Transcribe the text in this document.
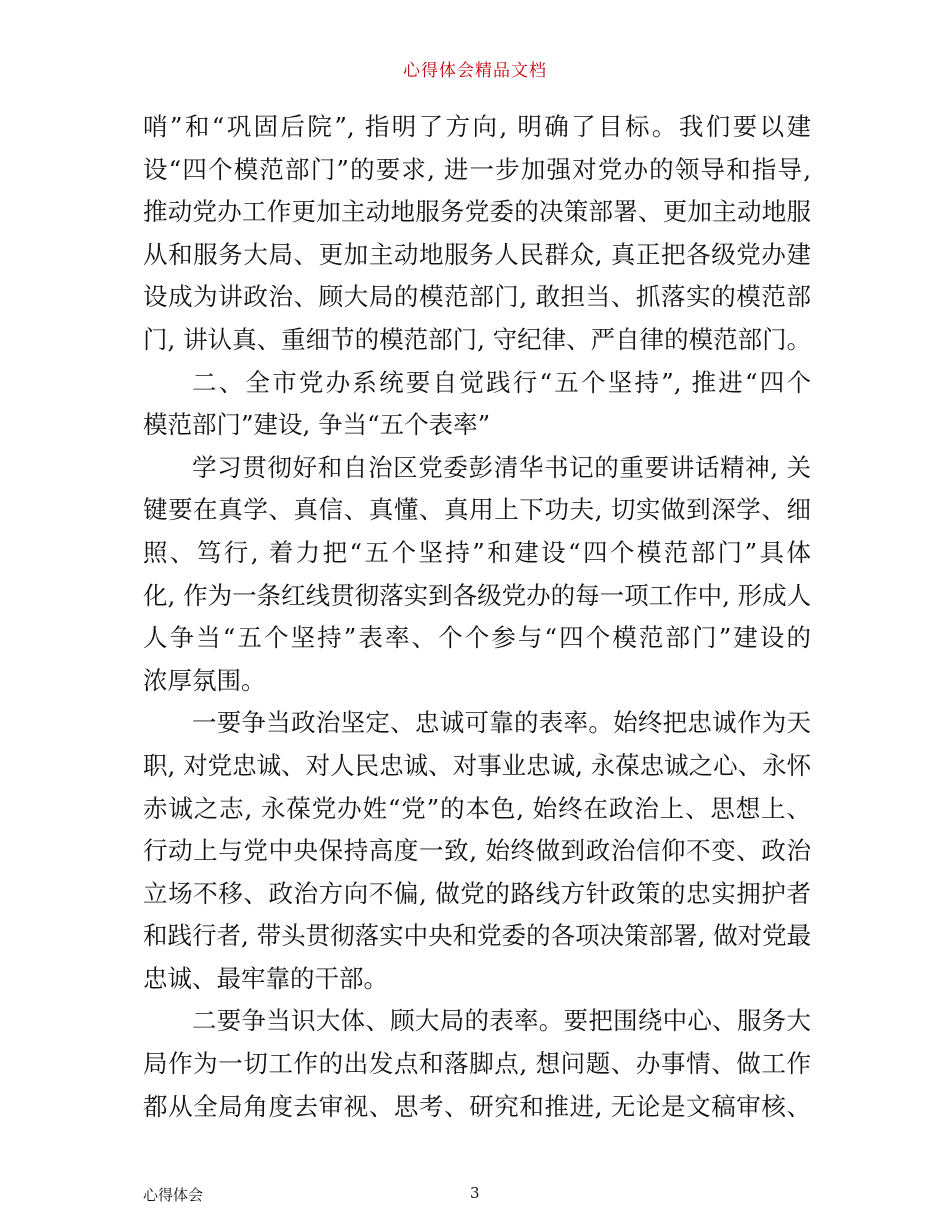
心得体会精品文档
哨”和“巩固后院”, 指明了方向, 明确了目标。我们要以建
设“四个模范部门”的要求, 进一步加强对党办的领导和指导,
推动党办工作更加主动地服务党委的决策部署、更加主动地服
从和服务大局、更加主动地服务人民群众, 真正把各级党办建
设成为讲政治、顾大局的模范部门, 敢担当、抓落实的模范部
门, 讲认真、重细节的模范部门, 守纪律、严自律的模范部门。
二、全市党办系统要自觉践行“五个坚持”, 推进“四个
模范部门”建设, 争当“五个表率”
学习贯彻好和自治区党委彭清华书记的重要讲话精神, 关
键要在真学、真信、真懂、真用上下功夫, 切实做到深学、细
照、笃行, 着力把“五个坚持”和建设“四个模范部门”具体
化, 作为一条红线贯彻落实到各级党办的每一项工作中, 形成人
人争当“五个坚持”表率、个个参与“四个模范部门”建设的
浓厚氛围。
一要争当政治坚定、忠诚可靠的表率。始终把忠诚作为天
职, 对党忠诚、对人民忠诚、对事业忠诚, 永葆忠诚之心、永怀
赤诚之志, 永葆党办姓“党”的本色, 始终在政治上、思想上、
行动上与党中央保持高度一致, 始终做到政治信仰不变、政治
立场不移、政治方向不偏, 做党的路线方针政策的忠实拥护者
和践行者, 带头贯彻落实中央和党委的各项决策部署, 做对党最
忠诚、最牢靠的干部。
二要争当识大体、顾大局的表率。要把围绕中心、服务大
局作为一切工作的出发点和落脚点, 想问题、办事情、做工作
都从全局角度去审视、思考、研究和推进, 无论是文稿审核、
心得体会	3
